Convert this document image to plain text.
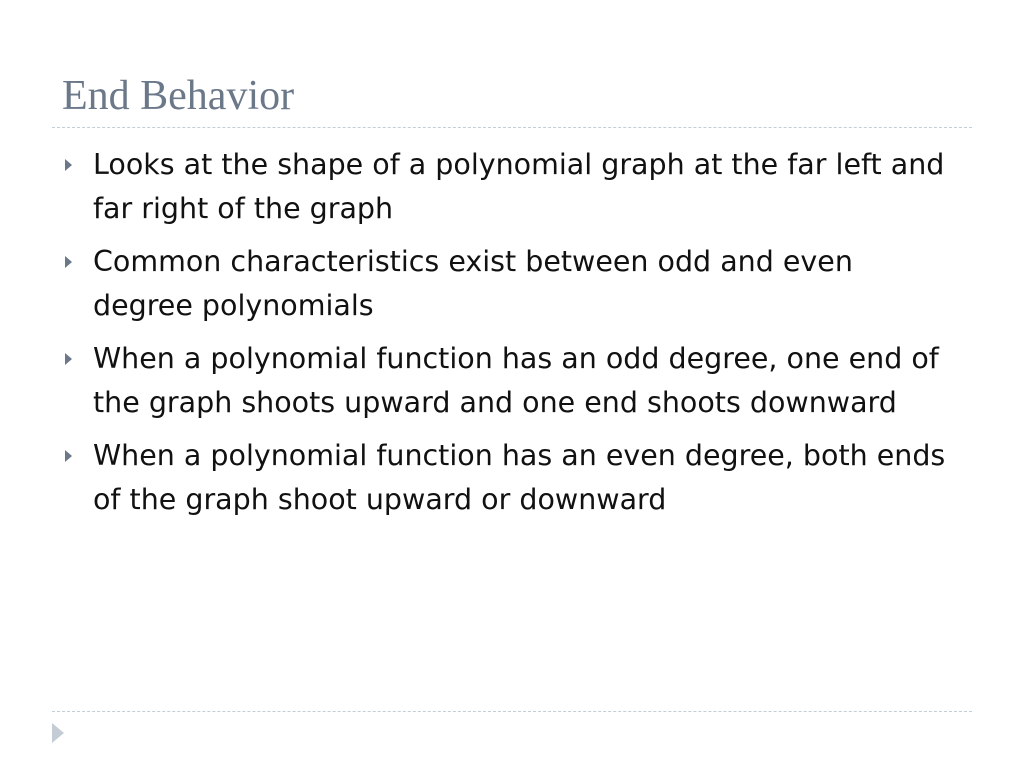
End Behavior
Looks at the shape of a polynomial graph at the far left and far right of the graph
Common characteristics exist between odd and even degree polynomials
When a polynomial function has an odd degree, one end of the graph shoots upward and one end shoots downward
When a polynomial function has an even degree, both ends of the graph shoot upward or downward
